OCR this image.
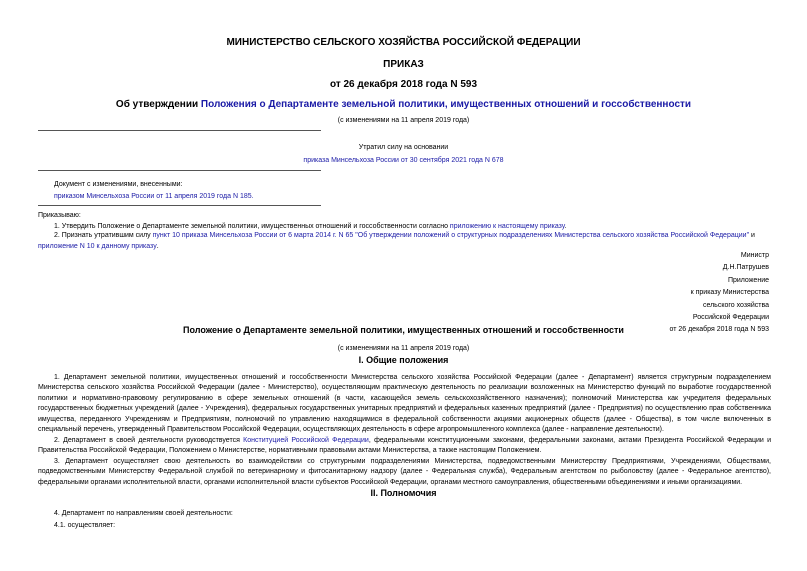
МИНИСТЕРСТВО СЕЛЬСКОГО ХОЗЯЙСТВА РОССИЙСКОЙ ФЕДЕРАЦИИ
ПРИКАЗ
от 26 декабря 2018 года N 593
Об утверждении Положения о Департаменте земельной политики, имущественных отношений и госсобственности
(с изменениями на 11 апреля 2019 года)
Утратил силу на основании
приказа Минсельхоза России от 30 сентября 2021 года N 678
Документ с изменениями, внесенными:
приказом Минсельхоза России от 11 апреля 2019 года N 185.
Приказываю:
1. Утвердить Положение о Департаменте земельной политики, имущественных отношений и госсобственности согласно приложению к настоящему приказу.
2. Признать утратившим силу пункт 10 приказа Минсельхоза России от 6 марта 2014 г. N 65 "Об утверждении положений о структурных подразделениях Министерства сельского хозяйства Российской Федерации" и
приложение N 10 к данному приказу.
Министр
Д.Н.Патрушев
Приложение
к приказу Министерства
сельского хозяйства
Российской Федерации
от 26 декабря 2018 года N 593
Положение о Департаменте земельной политики, имущественных отношений и госсобственности
(с изменениями на 11 апреля 2019 года)
I. Общие положения
1. Департамент земельной политики, имущественных отношений и госсобственности Министерства сельского хозяйства Российской Федерации (далее - Департамент) является структурным подразделением Министерства сельского хозяйства Российской Федерации (далее - Министерство), осуществляющим практическую деятельность по реализации возложенных на Министерство функций по выработке государственной политики и нормативно-правовому регулированию в сфере земельных отношений (в части, касающейся земель сельскохозяйственного назначения); полномочий Министерства как учредителя федеральных государственных бюджетных учреждений (далее - Учреждения), федеральных государственных унитарных предприятий и федеральных казенных предприятий (далее - Предприятия) по осуществлению прав собственника имущества, переданного Учреждениям и Предприятиям, полномочий по управлению находящимися в федеральной собственности акциями акционерных обществ (далее - Общества), в том числе включенных в специальный перечень, утвержденный Правительством Российской Федерации, осуществляющих деятельность в сфере агропромышленного комплекса (далее - направление деятельности).
2. Департамент в своей деятельности руководствуется Конституцией Российской Федерации, федеральными конституционными законами, федеральными законами, актами Президента Российской Федерации и Правительства Российской Федерации, Положением о Министерстве, нормативными правовыми актами Министерства, а также настоящим Положением.
3. Департамент осуществляет свою деятельность во взаимодействии со структурными подразделениями Министерства, подведомственными Министерству Предприятиями, Учреждениями, Обществами, подведомственными Министерству Федеральной службой по ветеринарному и фитосанитарному надзору (далее - Федеральная служба), Федеральным агентством по рыболовству (далее - Федеральное агентство), федеральными органами исполнительной власти, органами исполнительной власти субъектов Российской Федерации, органами местного самоуправления, общественными объединениями и иными организациями.
II. Полномочия
4. Департамент по направлениям своей деятельности:
4.1. осуществляет:
